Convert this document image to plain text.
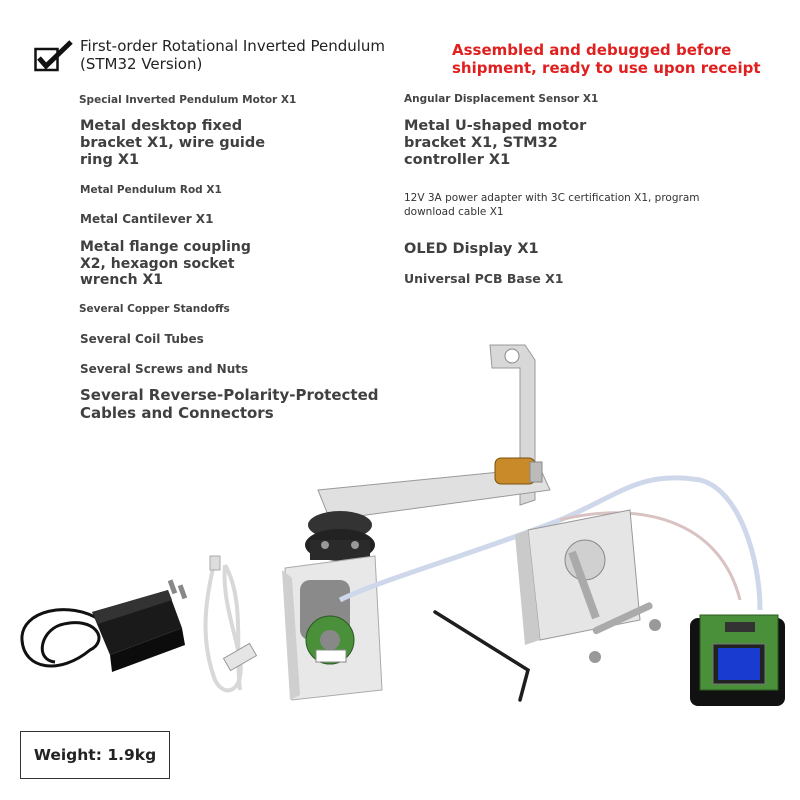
First-order Rotational Inverted Pendulum (STM32 Version)
Assembled and debugged before shipment, ready to use upon receipt
Special Inverted Pendulum Motor X1
Metal desktop fixed bracket X1, wire guide ring X1
Metal Pendulum Rod X1
Metal Cantilever X1
Metal flange coupling X2, hexagon socket wrench X1
Several Copper Standoffs
Several Coil Tubes
Several Screws and Nuts
Several Reverse-Polarity-Protected Cables and Connectors
Angular Displacement Sensor X1
Metal U-shaped motor bracket X1, STM32 controller X1
12V 3A power adapter with 3C certification X1, program download cable X1
OLED Display X1
Universal PCB Base X1
Weight: 1.9kg
